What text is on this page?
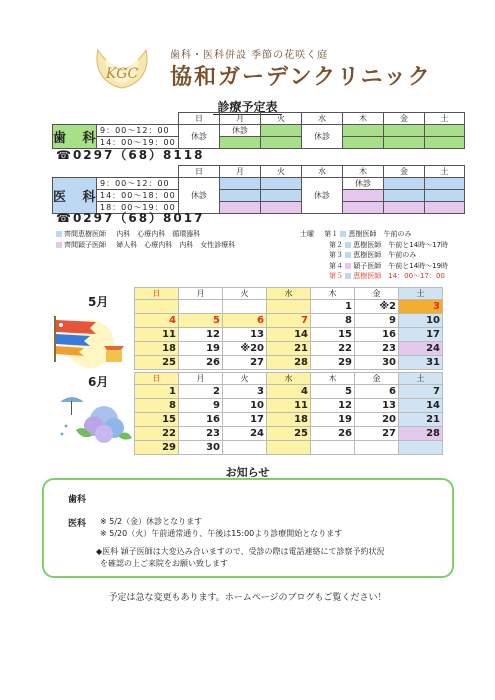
KGC
歯科・医科併設 季節の花咲く庭
協和ガーデンクリニック
診療予定表
		日	月	火	水	木	金	土
歯 科	9：00～12：00	休診	休診		休診			
	14：00～19：00							
☎0297（68）8118
		日	月	火	水	木	金	土
医 科	9：00～12：00	休診			休診	休診		
	14：00～18：00							
	18：00～19：00							
☎0297（68）8017
齊間恵樹医師 内科　心療内科　循環器科
齊間穎子医師 婦人科　心療内科　内科　女性診療科
土曜 第１ 恵樹医師　 午前のみ
第２ 恵樹医師　 午前と14時～17時
第３ 恵樹医師　 午前のみ
第４ 穎子医師　 午前と14時～19時
第５ 恵樹医師　 14：00～17：00
5月
日	月	火	水	木	金	土
				1	※2	3
4	5	6	7	8	9	10
11	12	13	14	15	16	17
18	19	※20	21	22	23	24
25	26	27	28	29	30	31
6月	日	月	火	水	木	金	土
1	2	3	4	5	6	7
8	9	10	11	12	13	14
15	16	17	18	19	20	21
22	23	24	25	26	27	28
29	30					
お知らせ
歯科
医科 ※ 5/2（金）休診となります
※ 5/20（火）午前通常通り、午後は15:00より診療開始となります
◆医科 穎子医師は大変込み合いますので、受診の際は電話連絡にて診察予約状況
を確認の上ご来院をお願い致します
予定は急な変更もあります。ホームページのブログもご覧ください！
